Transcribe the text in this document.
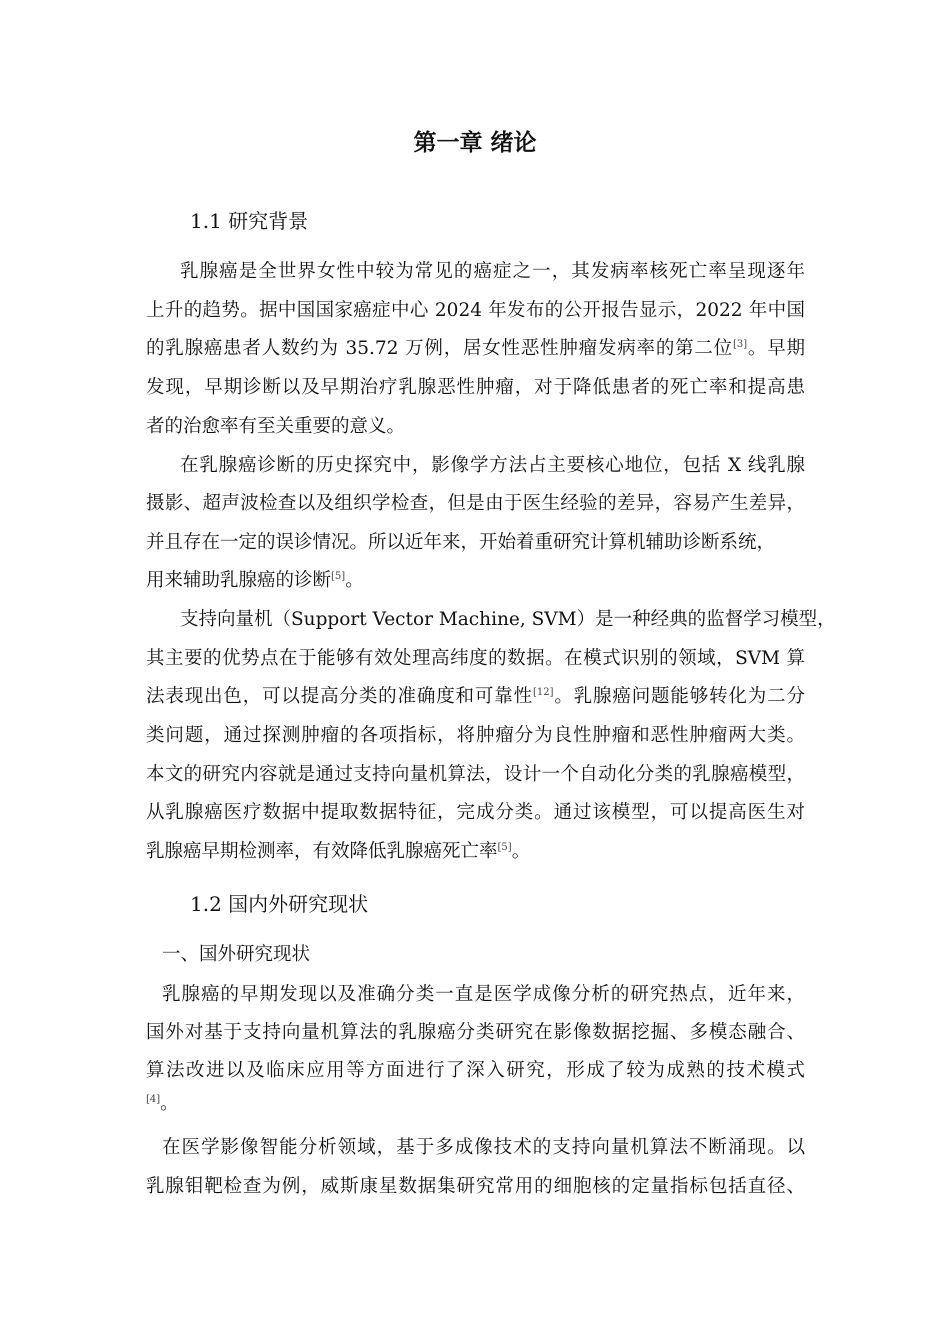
第一章 绪论
1.1 研究背景
1.2 国内外研究现状
乳腺癌是全世界女性中较为常见的癌症之一，其发病率核死亡率呈现逐年
上升的趋势。据中国国家癌症中心 2024 年发布的公开报告显示，2022 年中国
的乳腺癌患者人数约为 35.72 万例，居女性恶性肿瘤发病率的第二位[3]。早期
发现，早期诊断以及早期治疗乳腺恶性肿瘤，对于降低患者的死亡率和提高患
者的治愈率有至关重要的意义。
在乳腺癌诊断的历史探究中，影像学方法占主要核心地位，包括 X 线乳腺
摄影、超声波检查以及组织学检查，但是由于医生经验的差异，容易产生差异，
并且存在一定的误诊情况。所以近年来，开始着重研究计算机辅助诊断系统，
用来辅助乳腺癌的诊断[5]。
支持向量机（Support Vector Machine, SVM）是一种经典的监督学习模型，
其主要的优势点在于能够有效处理高纬度的数据。在模式识别的领域，SVM 算
法表现出色，可以提高分类的准确度和可靠性[12]。乳腺癌问题能够转化为二分
类问题，通过探测肿瘤的各项指标，将肿瘤分为良性肿瘤和恶性肿瘤两大类。
本文的研究内容就是通过支持向量机算法，设计一个自动化分类的乳腺癌模型，
从乳腺癌医疗数据中提取数据特征，完成分类。通过该模型，可以提高医生对
乳腺癌早期检测率，有效降低乳腺癌死亡率[5]。
一、国外研究现状
乳腺癌的早期发现以及准确分类一直是医学成像分析的研究热点，近年来，
国外对基于支持向量机算法的乳腺癌分类研究在影像数据挖掘、多模态融合、
算法改进以及临床应用等方面进行了深入研究，形成了较为成熟的技术模式
[4]。
在医学影像智能分析领域，基于多成像技术的支持向量机算法不断涌现。以
乳腺钼靶检查为例，威斯康星数据集研究常用的细胞核的定量指标包括直径、
